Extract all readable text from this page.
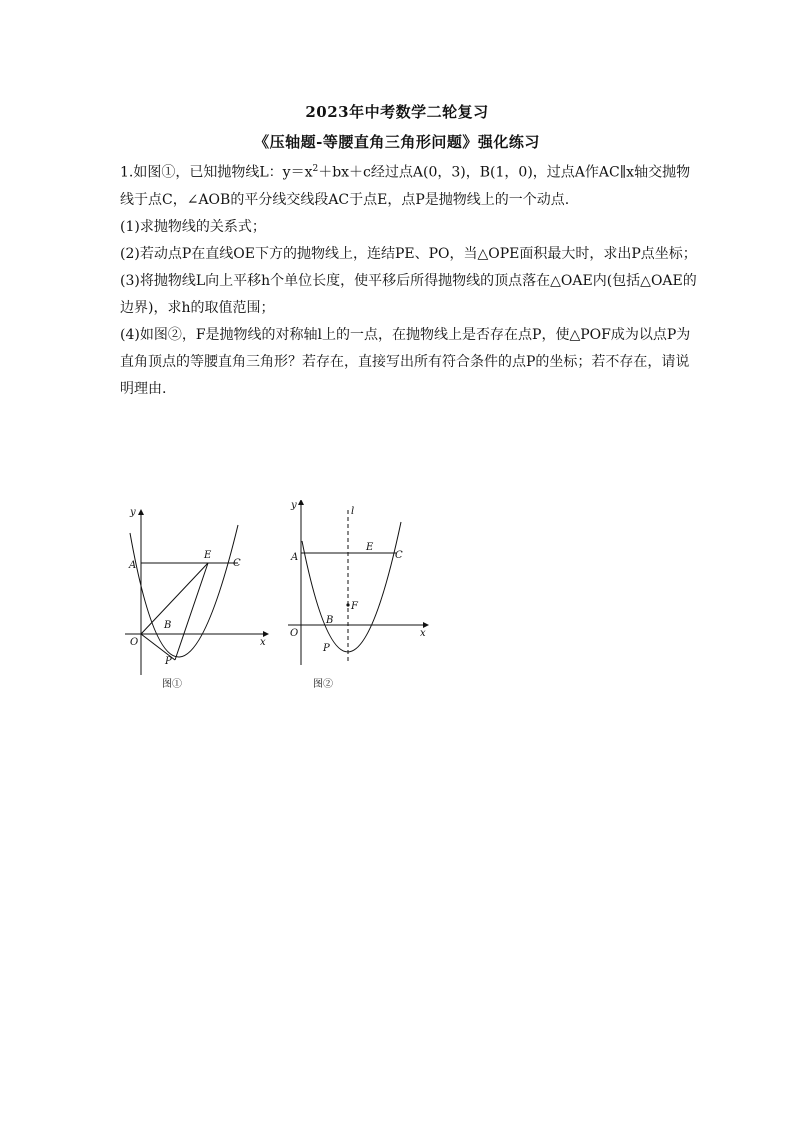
2023年中考数学二轮复习
《压轴题-等腰直角三角形问题》强化练习

1.如图①，已知抛物线L：$y=x^2+bx+c$经过点A(0，3)，B(1，0)，过点A作AC∥x轴交抛物线于点C，∠AOB的平分线交线段AC于点E，点P是抛物线上的一个动点.

(1)求抛物线的关系式；

(2)若动点P在直线OE下方的抛物线上，连结PE、PO，当△OPE面积最大时，求出P点坐标；

(3)将抛物线L向上平移h个单位长度，使平移后所得抛物线的顶点落在△OAE内(包括△OAE的边界)，求h的取值范围；

(4)如图②，F是抛物线的对称轴l上的一点，在抛物线上是否存在点P，使△POF成为以点P为直角顶点的等腰直角三角形？若存在，直接写出所有符合条件的点P的坐标；若不存在，请说明理由.

y
x
O
A
E
C
B
P
图①
y
x
O
A
E
C
B
P
F
l
图②
